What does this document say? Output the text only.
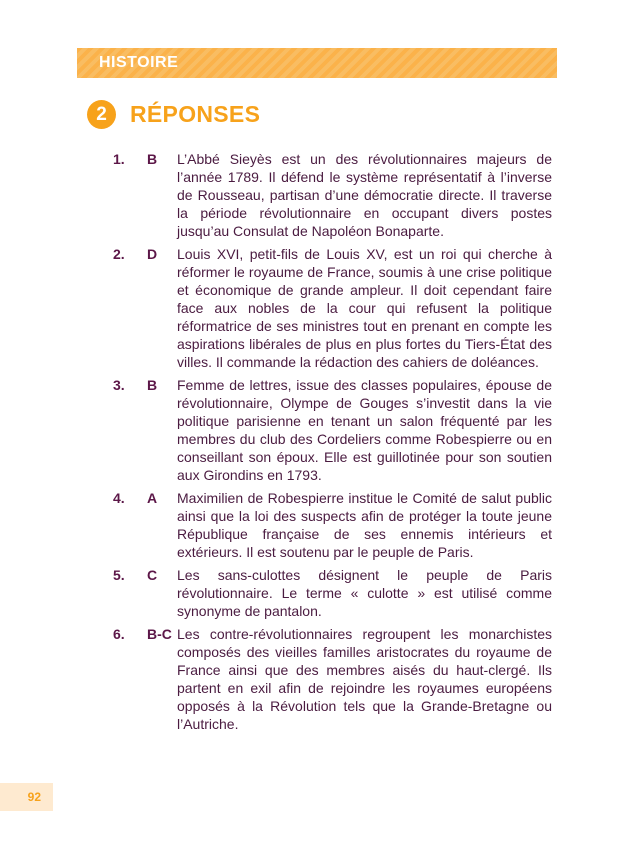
HISTOIRE
2	RÉPONSES
1.	B	L’Abbé Sieyès est un des révolutionnaires majeurs de l’année 1789. Il défend le système représentatif à l’inverse de Rousseau, partisan d’une démocratie directe. Il traverse la période révolutionnaire en occupant divers postes jusqu’au Consulat de Napoléon Bonaparte.
2.	D	Louis XVI, petit-fils de Louis XV, est un roi qui cherche à réformer le royaume de France, soumis à une crise politique et économique de grande ampleur. Il doit cependant faire face aux nobles de la cour qui refusent la politique réformatrice de ses ministres tout en prenant en compte les aspirations libérales de plus en plus fortes du Tiers-État des villes. Il commande la rédaction des cahiers de doléances.
3.	B	Femme de lettres, issue des classes populaires, épouse de révolutionnaire, Olympe de Gouges s’investit dans la vie politique parisienne en tenant un salon fréquenté par les membres du club des Cordeliers comme Robespierre ou en conseillant son époux. Elle est guillotinée pour son soutien aux Girondins en 1793.
4.	A	Maximilien de Robespierre institue le Comité de salut public ainsi que la loi des suspects afin de protéger la toute jeune République française de ses ennemis intérieurs et extérieurs. Il est soutenu par le peuple de Paris.
5.	C	Les sans-culottes désignent le peuple de Paris révolutionnaire. Le terme « culotte » est utilisé comme synonyme de pantalon.
6.	B-C Les contre-révolutionnaires regroupent les monarchistes composés des vieilles familles aristocrates du royaume de France ainsi que des membres aisés du haut-clergé. Ils partent en exil afin de rejoindre les royaumes européens opposés à la Révolution tels que la Grande-Bretagne ou l’Autriche.
92
